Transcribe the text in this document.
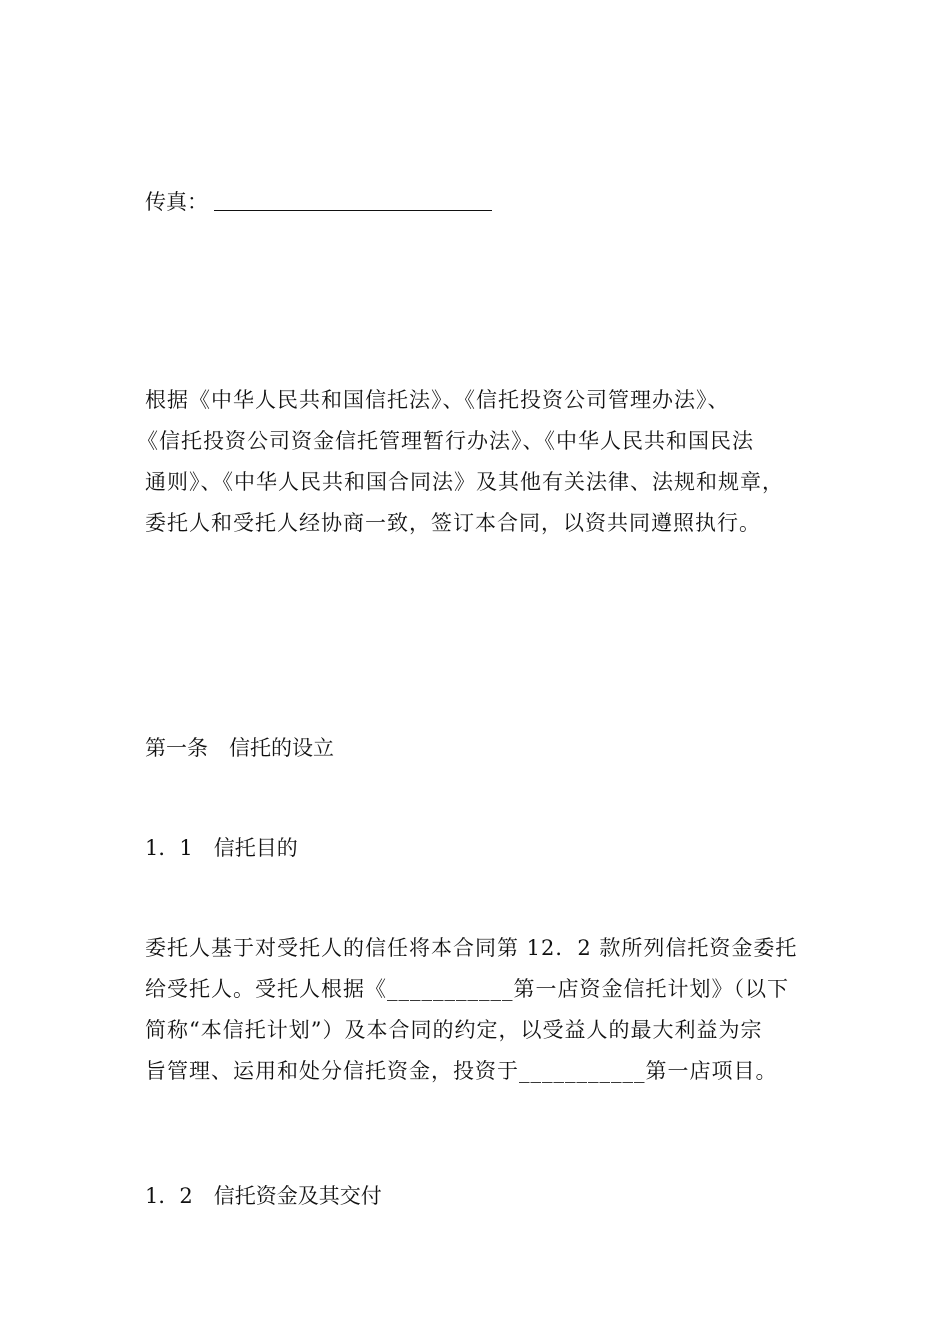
传真：

根据《中华人民共和国信托法》、《信托投资公司管理办法》、

《信托投资公司资金信托管理暂行办法》、《中华人民共和国民法

通则》、《中华人民共和国合同法》及其他有关法律、法规和规章，

委托人和受托人经协商一致，签订本合同，以资共同遵照执行。

第一条　信托的设立
1．1　信托目的

委托人基于对受托人的信任将本合同第 12．2 款所列信托资金委托

给受托人。受托人根据《___________第一店资金信托计划》（以下

简称“本信托计划”）及本合同的约定，以受益人的最大利益为宗

旨管理、运用和处分信托资金，投资于___________第一店项目。

1．2　信托资金及其交付
